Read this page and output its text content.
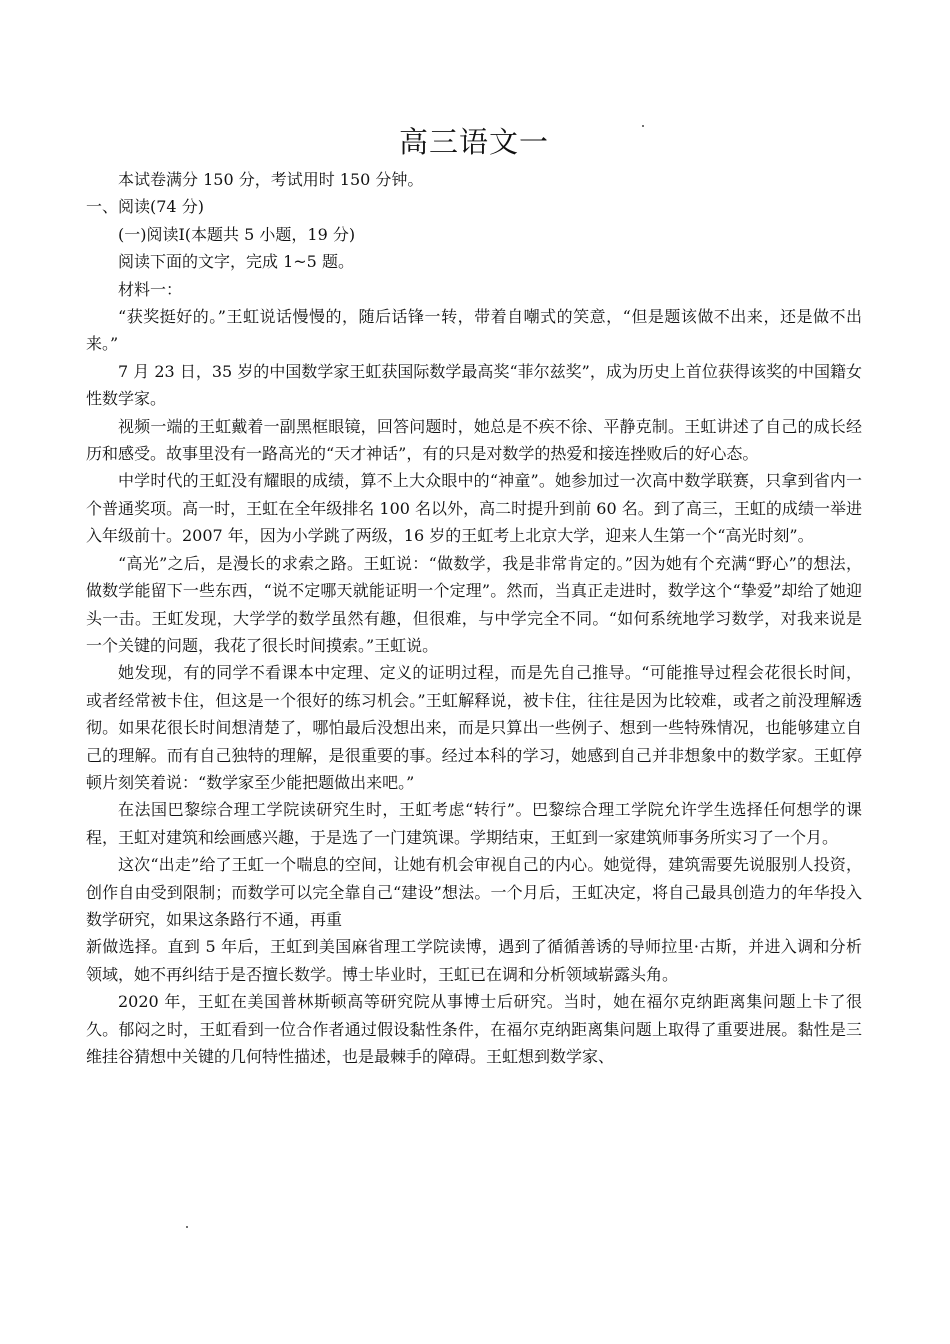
高三语文一

本试卷满分 150 分，考试用时 150 分钟。

一、阅读(74 分)

(一)阅读Ⅰ(本题共 5 小题，19 分)

阅读下面的文字，完成 1~5 题。

材料一：

“获奖挺好的。”王虹说话慢慢的，随后话锋一转，带着自嘲式的笑意，“但是题该做不出来，还是做不出来。”

7 月 23 日，35 岁的中国数学家王虹获国际数学最高奖“菲尔兹奖”，成为历史上首位获得该奖的中国籍女性数学家。

视频一端的王虹戴着一副黑框眼镜，回答问题时，她总是不疾不徐、平静克制。王虹讲述了自己的成长经历和感受。故事里没有一路高光的“天才神话”，有的只是对数学的热爱和接连挫败后的好心态。

中学时代的王虹没有耀眼的成绩，算不上大众眼中的“神童”。她参加过一次高中数学联赛，只拿到省内一个普通奖项。高一时，王虹在全年级排名 100 名以外，高二时提升到前 60 名。到了高三，王虹的成绩一举进入年级前十。2007 年，因为小学跳了两级，16 岁的王虹考上北京大学，迎来人生第一个“高光时刻”。

“高光”之后，是漫长的求索之路。王虹说：“做数学，我是非常肯定的。”因为她有个充满“野心”的想法，做数学能留下一些东西，“说不定哪天就能证明一个定理”。然而，当真正走进时，数学这个“挚爱”却给了她迎头一击。王虹发现，大学学的数学虽然有趣，但很难，与中学完全不同。“如何系统地学习数学，对我来说是一个关键的问题，我花了很长时间摸索。”王虹说。

她发现，有的同学不看课本中定理、定义的证明过程，而是先自己推导。“可能推导过程会花很长时间，或者经常被卡住，但这是一个很好的练习机会。”王虹解释说，被卡住，往往是因为比较难，或者之前没理解透彻。如果花很长时间想清楚了，哪怕最后没想出来，而是只算出一些例子、想到一些特殊情况，也能够建立自己的理解。而有自己独特的理解，是很重要的事。经过本科的学习，她感到自己并非想象中的数学家。王虹停顿片刻笑着说：“数学家至少能把题做出来吧。”

在法国巴黎综合理工学院读研究生时，王虹考虑“转行”。巴黎综合理工学院允许学生选择任何想学的课程，王虹对建筑和绘画感兴趣，于是选了一门建筑课。学期结束，王虹到一家建筑师事务所实习了一个月。

这次“出走”给了王虹一个喘息的空间，让她有机会审视自己的内心。她觉得，建筑需要先说服别人投资，创作自由受到限制；而数学可以完全靠自己“建设”想法。一个月后，王虹决定，将自己最具创造力的年华投入数学研究，如果这条路行不通，再重

新做选择。直到 5 年后，王虹到美国麻省理工学院读博，遇到了循循善诱的导师拉里·古斯，并进入调和分析领域，她不再纠结于是否擅长数学。博士毕业时，王虹已在调和分析领域崭露头角。

2020 年，王虹在美国普林斯顿高等研究院从事博士后研究。当时，她在福尔克纳距离集问题上卡了很久。郁闷之时，王虹看到一位合作者通过假设黏性条件，在福尔克纳距离集问题上取得了重要进展。黏性是三维挂谷猜想中关键的几何特性描述，也是最棘手的障碍。王虹想到数学家、
